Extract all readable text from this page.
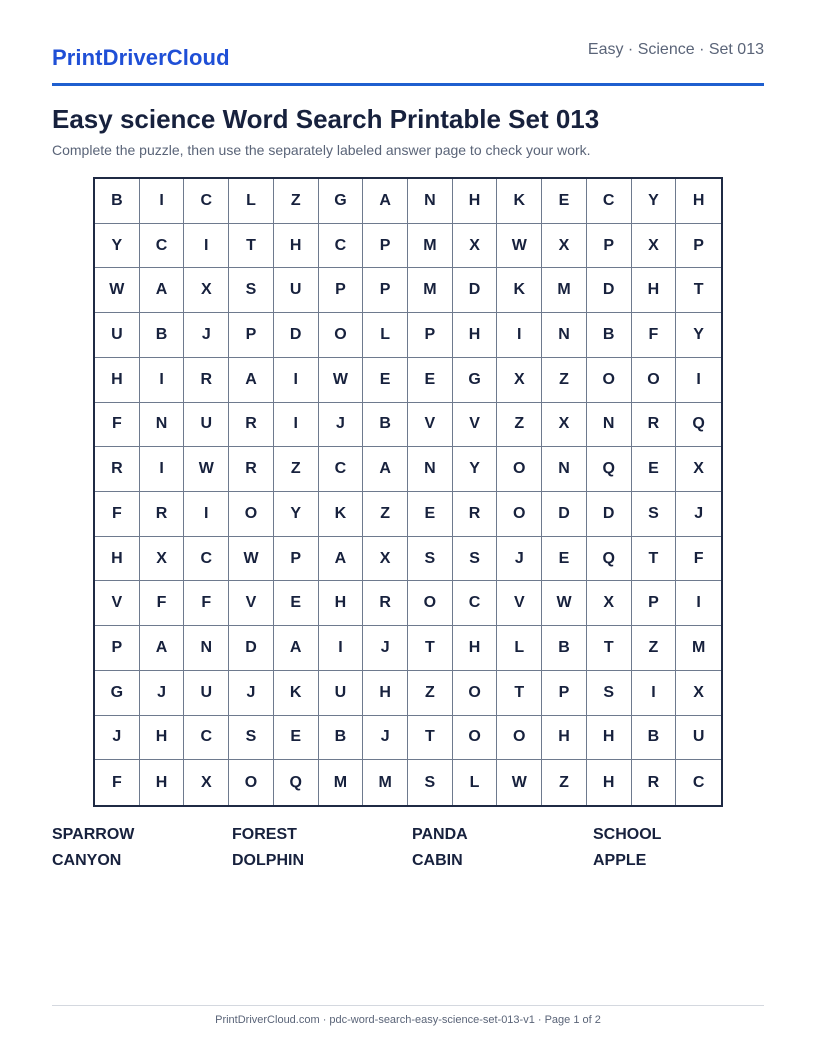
PrintDriverCloud	Easy · Science · Set 013
Easy science Word Search Printable Set 013

Complete the puzzle, then use the separately labeled answer page to check your work.

B	I	C	L	Z	G	A	N	H	K	E	C	Y	H
Y	C	I	T	H	C	P	M	X	W	X	P	X	P
W	A	X	S	U	P	P	M	D	K	M	D	H	T
U	B	J	P	D	O	L	P	H	I	N	B	F	Y
H	I	R	A	I	W	E	E	G	X	Z	O	O	I
F	N	U	R	I	J	B	V	V	Z	X	N	R	Q
R	I	W	R	Z	C	A	N	Y	O	N	Q	E	X
F	R	I	O	Y	K	Z	E	R	O	D	D	S	J
H	X	C	W	P	A	X	S	S	J	E	Q	T	F
V	F	F	V	E	H	R	O	C	V	W	X	P	I
P	A	N	D	A	I	J	T	H	L	B	T	Z	M
G	J	U	J	K	U	H	Z	O	T	P	S	I	X
J	H	C	S	E	B	J	T	O	O	H	H	B	U
F	H	X	O	Q	M	M	S	L	W	Z	H	R	C
SPARROW	FOREST	PANDA	SCHOOL
CANYON	DOLPHIN	CABIN	APPLE
PrintDriverCloud.com · pdc-word-search-easy-science-set-013-v1 · Page 1 of 2
